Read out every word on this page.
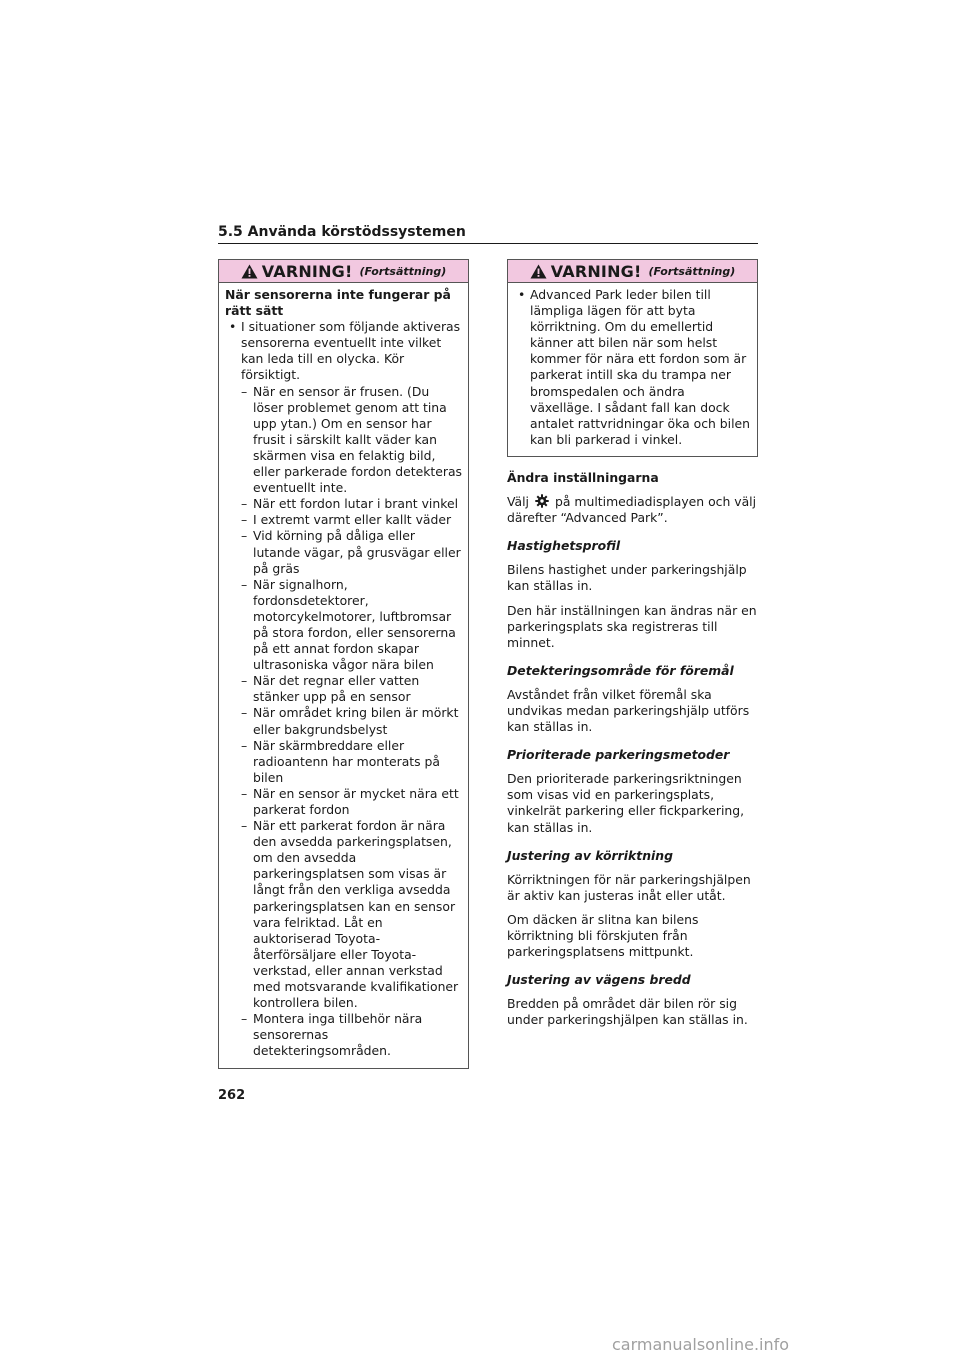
5.5 Använda körstödssystemen
VARNING! (Fortsättning)
När sensorerna inte fungerar på rätt sätt
• I situationer som följande aktiveras sensorerna eventuellt inte vilket kan leda till en olycka. Kör försiktigt.
– När en sensor är frusen. (Du löser problemet genom att tina upp ytan.) Om en sensor har frusit i särskilt kallt väder kan skärmen visa en felaktig bild, eller parkerade fordon detekteras eventuellt inte.
– När ett fordon lutar i brant vinkel
– I extremt varmt eller kallt väder
– Vid körning på dåliga eller lutande vägar, på grusvägar eller på gräs
– När signalhorn, fordonsdetektorer, motorcykelmotorer, luftbromsar på stora fordon, eller sensorerna på ett annat fordon skapar ultrasoniska vågor nära bilen
– När det regnar eller vatten stänker upp på en sensor
– När området kring bilen är mörkt eller bakgrundsbelyst
– När skärmbreddare eller radioantenn har monterats på bilen
– När en sensor är mycket nära ett parkerat fordon
– När ett parkerat fordon är nära den avsedda parkeringsplatsen, om den avsedda parkeringsplatsen som visas är långt från den verkliga avsedda parkeringsplatsen kan en sensor vara felriktad. Låt en auktoriserad Toyota-återförsäljare eller Toyota-verkstad, eller annan verkstad med motsvarande kvalifikationer kontrollera bilen.
– Montera inga tillbehör nära sensorernas detekteringsområden.
VARNING! (Fortsättning)
• Advanced Park leder bilen till lämpliga lägen för att byta körriktning. Om du emellertid känner att bilen när som helst kommer för nära ett fordon som är parkerat intill ska du trampa ner bromspedalen och ändra växelläge. I sådant fall kan dock antalet rattvridningar öka och bilen kan bli parkerad i vinkel.

Ändra inställningarna

Välj på multimediadisplayen och välj därefter “Advanced Park”.

Hastighetsprofil

Bilens hastighet under parkeringshjälp kan ställas in.

Den här inställningen kan ändras när en parkeringsplats ska registreras till minnet.

Detekteringsområde för föremål

Avståndet från vilket föremål ska undvikas medan parkeringshjälp utförs kan ställas in.

Prioriterade parkeringsmetoder

Den prioriterade parkeringsriktningen som visas vid en parkeringsplats, vinkelrät parkering eller fickparkering, kan ställas in.

Justering av körriktning

Körriktningen för när parkeringshjälpen är aktiv kan justeras inåt eller utåt.

Om däcken är slitna kan bilens körriktning bli förskjuten från parkeringsplatsens mittpunkt.

Justering av vägens bredd

Bredden på området där bilen rör sig under parkeringshjälpen kan ställas in.

262
carmanualsonline.info
